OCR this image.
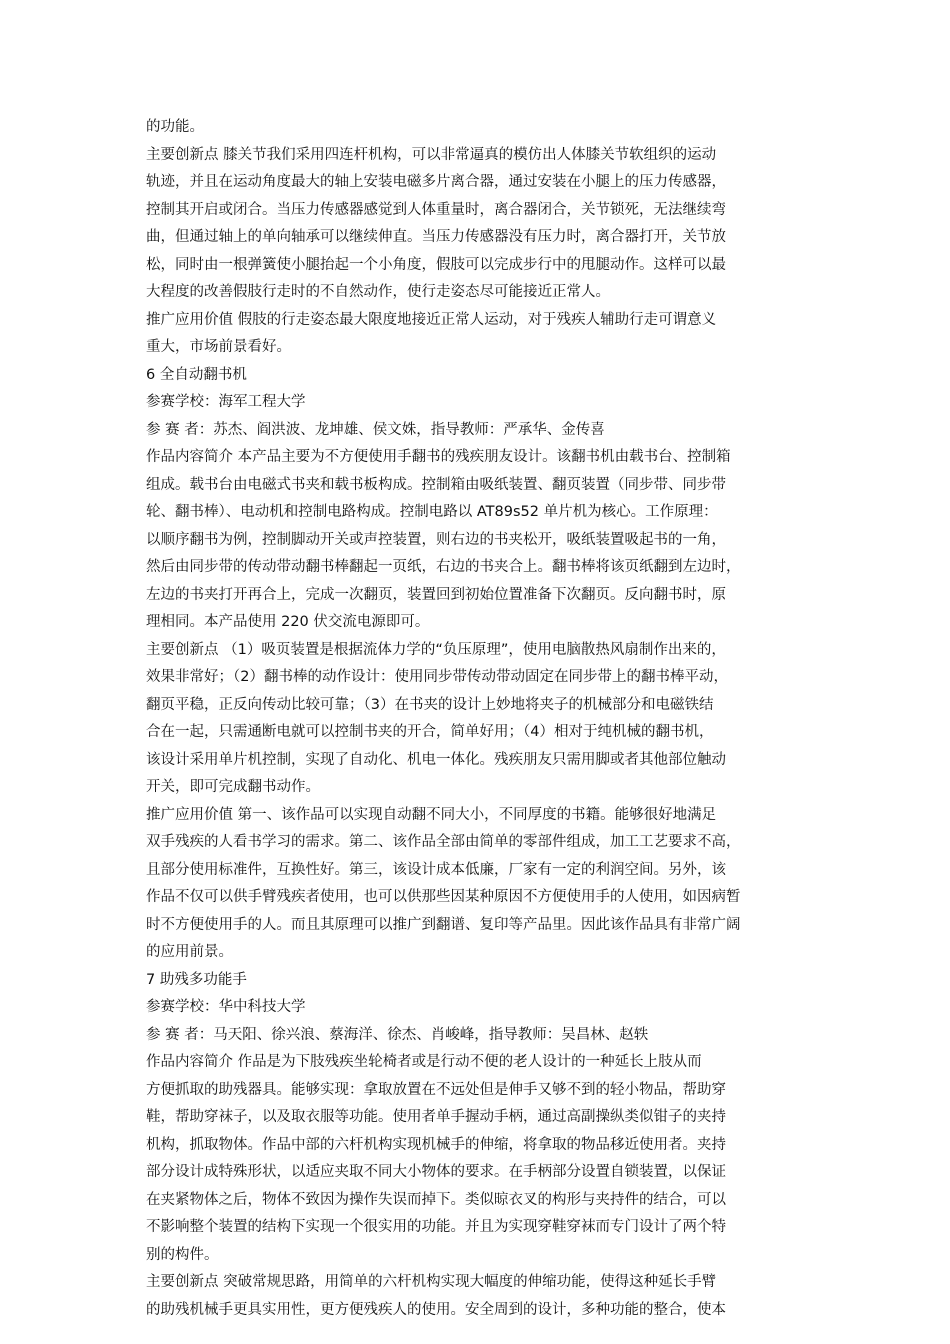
的功能。

主要创新点 膝关节我们采用四连杆机构，可以非常逼真的模仿出人体膝关节软组织的运动
轨迹，并且在运动角度最大的轴上安装电磁多片离合器，通过安装在小腿上的压力传感器，
控制其开启或闭合。当压力传感器感觉到人体重量时，离合器闭合，关节锁死，无法继续弯
曲，但通过轴上的单向轴承可以继续伸直。当压力传感器没有压力时，离合器打开，关节放
松，同时由一根弹簧使小腿抬起一个小角度，假肢可以完成步行中的甩腿动作。这样可以最
大程度的改善假肢行走时的不自然动作，使行走姿态尽可能接近正常人。

推广应用价值 假肢的行走姿态最大限度地接近正常人运动，对于残疾人辅助行走可谓意义
重大，市场前景看好。

6 全自动翻书机

参赛学校：海军工程大学

参 赛 者：苏杰、阎洪波、龙坤雄、侯文姝，指导教师：严承华、金传喜

作品内容简介 本产品主要为不方便使用手翻书的残疾朋友设计。该翻书机由载书台、控制箱
组成。载书台由电磁式书夹和载书板构成。控制箱由吸纸装置、翻页装置（同步带、同步带
轮、翻书棒）、电动机和控制电路构成。控制电路以 AT89s52 单片机为核心。工作原理：
以顺序翻书为例，控制脚动开关或声控装置，则右边的书夹松开，吸纸装置吸起书的一角，
然后由同步带的传动带动翻书棒翻起一页纸，右边的书夹合上。翻书棒将该页纸翻到左边时，
左边的书夹打开再合上，完成一次翻页，装置回到初始位置准备下次翻页。反向翻书时，原
理相同。本产品使用 220 伏交流电源即可。

主要创新点 （1）吸页装置是根据流体力学的“负压原理”，使用电脑散热风扇制作出来的，
效果非常好；（2）翻书棒的动作设计：使用同步带传动带动固定在同步带上的翻书棒平动，
翻页平稳，正反向传动比较可靠；（3）在书夹的设计上妙地将夹子的机械部分和电磁铁结
合在一起，只需通断电就可以控制书夹的开合，简单好用；（4）相对于纯机械的翻书机，
该设计采用单片机控制，实现了自动化、机电一体化。残疾朋友只需用脚或者其他部位触动
开关，即可完成翻书动作。

推广应用价值 第一、该作品可以实现自动翻不同大小，不同厚度的书籍。能够很好地满足
双手残疾的人看书学习的需求。第二、该作品全部由简单的零部件组成，加工工艺要求不高，
且部分使用标准件，互换性好。第三，该设计成本低廉，厂家有一定的利润空间。另外，该
作品不仅可以供手臂残疾者使用，也可以供那些因某种原因不方便使用手的人使用，如因病暂
时不方便使用手的人。而且其原理可以推广到翻谱、复印等产品里。因此该作品具有非常广阔
的应用前景。

7 助残多功能手

参赛学校：华中科技大学

参 赛 者：马天阳、徐兴浪、蔡海洋、徐杰、肖峻峰，指导教师：吴昌林、赵轶

作品内容简介 作品是为下肢残疾坐轮椅者或是行动不便的老人设计的一种延长上肢从而
方便抓取的助残器具。能够实现：拿取放置在不远处但是伸手又够不到的轻小物品，帮助穿
鞋，帮助穿袜子，以及取衣服等功能。使用者单手握动手柄，通过高副操纵类似钳子的夹持
机构，抓取物体。作品中部的六杆机构实现机械手的伸缩，将拿取的物品移近使用者。夹持
部分设计成特殊形状，以适应夹取不同大小物体的要求。在手柄部分设置自锁装置，以保证
在夹紧物体之后，物体不致因为操作失误而掉下。类似晾衣叉的构形与夹持件的结合，可以
不影响整个装置的结构下实现一个很实用的功能。并且为实现穿鞋穿袜而专门设计了两个特
别的构件。

主要创新点 突破常规思路，用简单的六杆机构实现大幅度的伸缩功能，使得这种延长手臂
的助残机械手更具实用性，更方便残疾人的使用。安全周到的设计，多种功能的整合，使本
